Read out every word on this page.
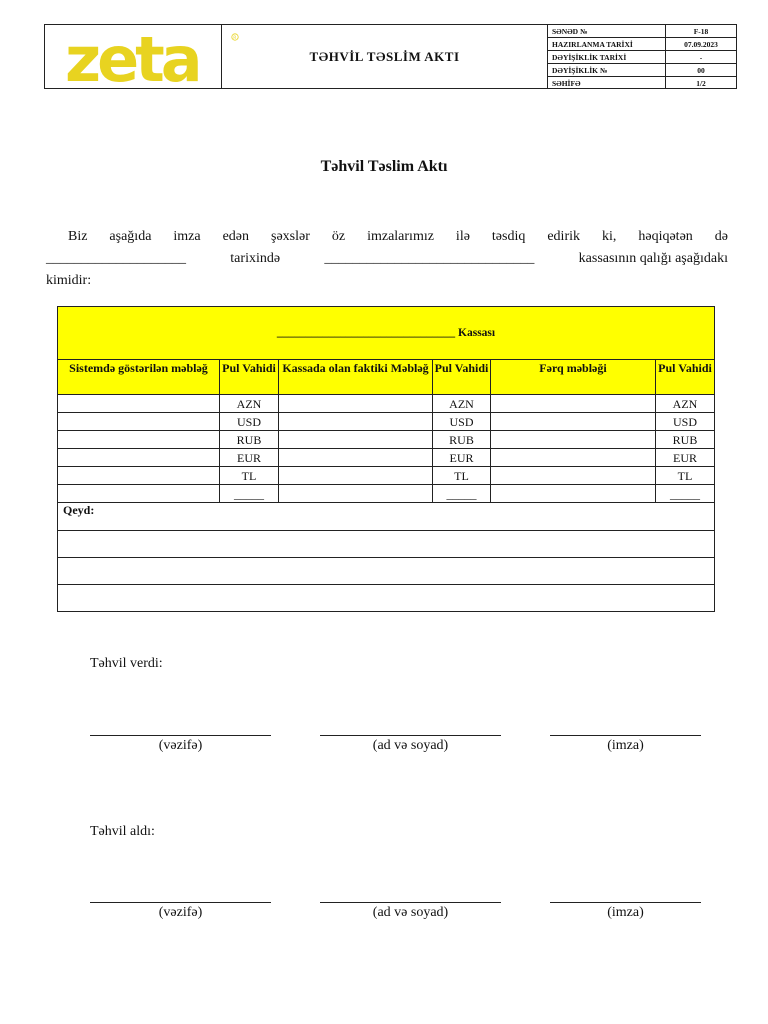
zeta	R
TƏHVİL TƏSLİM AKTI
SƏNƏD №	F-18
HAZIRLANMA TARİXİ	07.09.2023
DƏYİŞİKLİK TARİXİ	-
DƏYİŞİKLİK №	00
SƏHİFƏ	1/2
Təhvil Təslim Aktı
Biz aşağıda imza edən şəxslər öz imzalarımız ilə təsdiq edirik ki, həqiqətən də
____________________	tarixində	______________________________	kassasının qalığı aşağıdakı
kimidir:
_______________________________ Kassası					
Sistemdə göstərilən məbləğ	Pul Vahidi	Kassada olan faktiki Məbləğ	Pul Vahidi	Fərq məbləği	Pul Vahidi
	AZN		AZN		AZN
	USD		USD		USD
	RUB		RUB		RUB
	EUR		EUR		EUR
	TL		TL		TL
	_____		_____		_____
Qeyd:					

Təhvil verdi:
(vəzifə)	(ad və soyad)	(imza)
Təhvil aldı:
(vəzifə)	(ad və soyad)	(imza)
